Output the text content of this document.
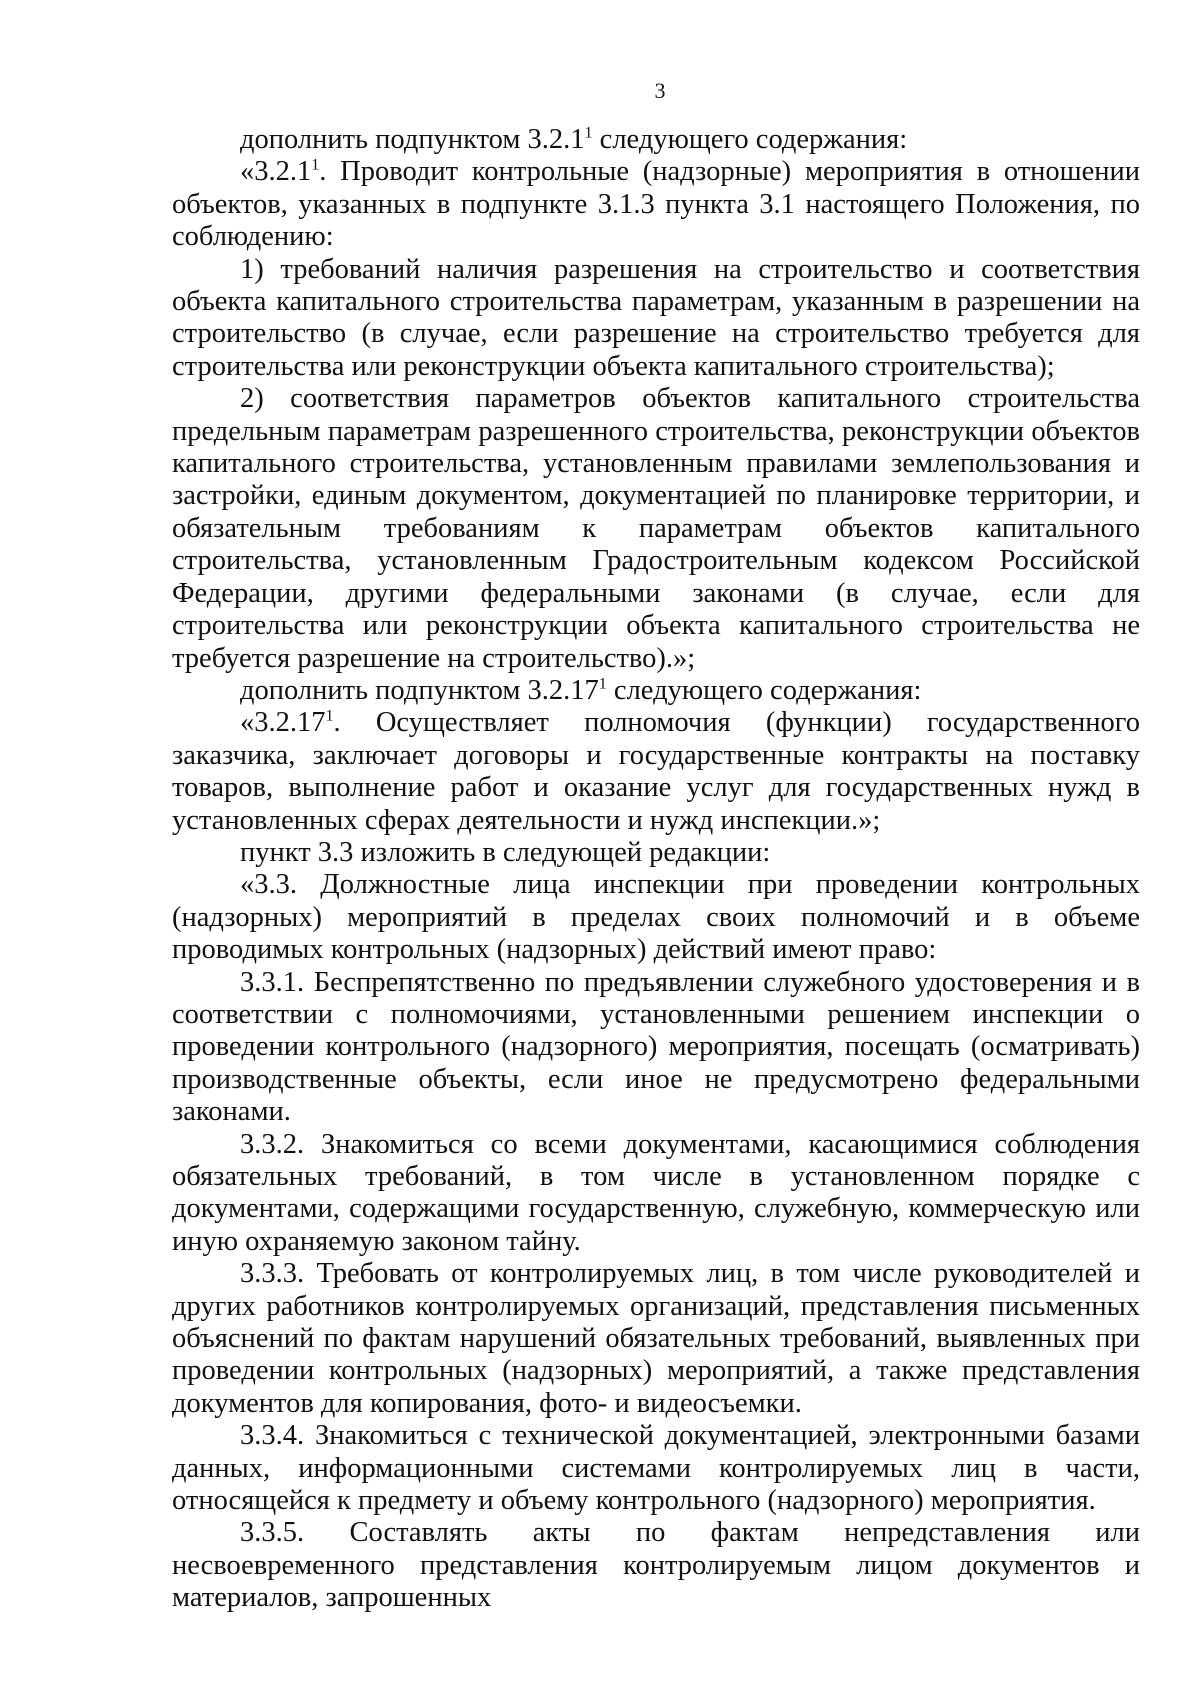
3

дополнить подпунктом 3.2.1$^1$ следующего содержания:

«3.2.1$^1$. Проводит контрольные (надзорные) мероприятия в отношении объектов, указанных в подпункте 3.1.3 пункта 3.1 настоящего Положения, по соблюдению:

1) требований наличия разрешения на строительство и соответствия объекта капитального строительства параметрам, указанным в разрешении на строительство (в случае, если разрешение на строительство требуется для строительства или реконструкции объекта капитального строительства);

2) соответствия параметров объектов капитального строительства предельным параметрам разрешенного строительства, реконструкции объектов капитального строительства, установленным правилами землепользования и застройки, единым документом, документацией по планировке территории, и обязательным требованиям к параметрам объектов капитального строительства, установленным Градостроительным кодексом Российской Федерации, другими федеральными законами (в случае, если для строительства или реконструкции объекта капитального строительства не требуется разрешение на строительство).»;

дополнить подпунктом 3.2.17$^1$ следующего содержания:

«3.2.17$^1$. Осуществляет полномочия (функции) государственного заказчика, заключает договоры и государственные контракты на поставку товаров, выполнение работ и оказание услуг для государственных нужд в установленных сферах деятельности и нужд инспекции.»;

пункт 3.3 изложить в следующей редакции:

«3.3. Должностные лица инспекции при проведении контрольных (надзорных) мероприятий в пределах своих полномочий и в объеме проводимых контрольных (надзорных) действий имеют право:

3.3.1. Беспрепятственно по предъявлении служебного удостоверения и в соответствии с полномочиями, установленными решением инспекции о проведении контрольного (надзорного) мероприятия, посещать (осматривать) производственные объекты, если иное не предусмотрено федеральными законами.

3.3.2. Знакомиться со всеми документами, касающимися соблюдения обязательных требований, в том числе в установленном порядке с документами, содержащими государственную, служебную, коммерческую или иную охраняемую законом тайну.

3.3.3. Требовать от контролируемых лиц, в том числе руководителей и других работников контролируемых организаций, представления письменных объяснений по фактам нарушений обязательных требований, выявленных при проведении контрольных (надзорных) мероприятий, а также представления документов для копирования, фото- и видеосъемки.

3.3.4. Знакомиться с технической документацией, электронными базами данных, информационными системами контролируемых лиц в части, относящейся к предмету и объему контрольного (надзорного) мероприятия.

3.3.5. Составлять акты по фактам непредставления или несвоевременного представления контролируемым лицом документов и материалов, запрошенных
